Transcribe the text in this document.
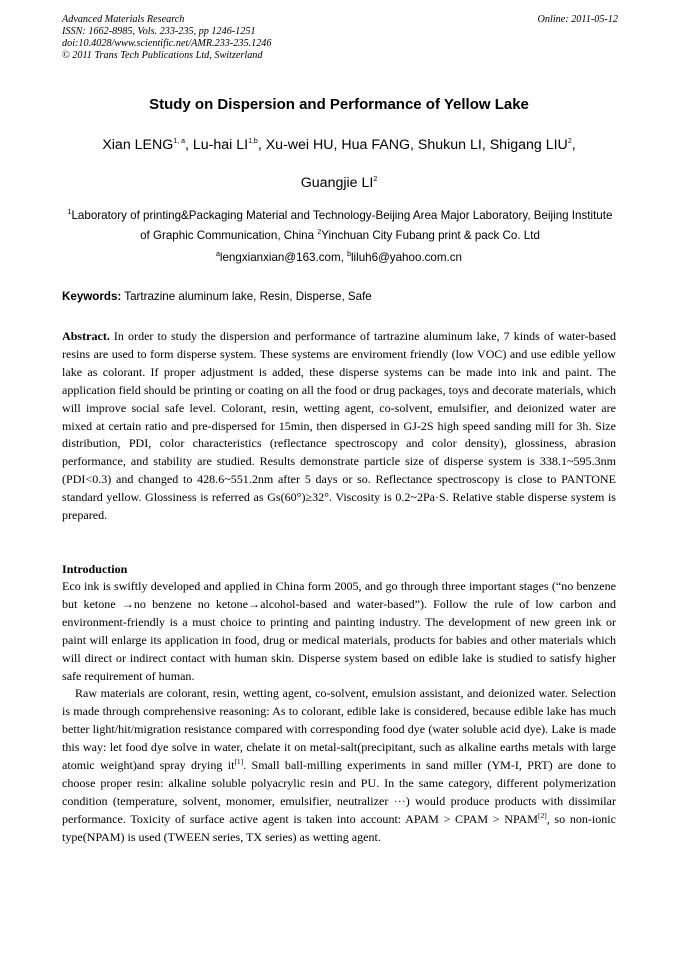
Advanced Materials Research
ISSN: 1662-8985, Vols. 233-235, pp 1246-1251
doi:10.4028/www.scientific.net/AMR.233-235.1246
© 2011 Trans Tech Publications Ltd, Switzerland
Online: 2011-05-12
Study on Dispersion and Performance of Yellow Lake
Xian LENG$^{1, a}$, Lu-hai LI$^{1,b}$, Xu-wei HU, Hua FANG, Shukun LI, Shigang LIU$^2$,
Guangjie $LI^2$
$^1$Laboratory of printing&Packaging Material and Technology-Beijing Area Major Laboratory, Beijing Institute of Graphic Communication, China $^2$Yinchuan City Fubang print & pack Co. Ltd
$^a$lengxianxian@163.com, $^b$liluh6@yahoo.com.cn
Keywords: Tartrazine aluminum lake, Resin, Disperse, Safe

Abstract. In order to study the dispersion and performance of tartrazine aluminum lake, 7 kinds of water-based resins are used to form disperse system. These systems are enviroment friendly (low VOC) and use edible yellow lake as colorant. If proper adjustment is added, these disperse systems can be made into ink and paint. The application field should be printing or coating on all the food or drug packages, toys and decorate materials, which will improve social safe level. Colorant, resin, wetting agent, co-solvent, emulsifier, and deionized water are mixed at certain ratio and pre-dispersed for 15min, then dispersed in GJ-2S high speed sanding mill for 3h. Size distribution, PDI, color characteristics (reflectance spectroscopy and color density), glossiness, abrasion performance, and stability are studied. Results demonstrate particle size of disperse system is 338.1~595.3nm (PDI<0.3) and changed to 428.6~551.2nm after 5 days or so. Reflectance spectroscopy is close to PANTONE standard yellow. Glossiness is referred as Gs(60°)≥32°. Viscosity is 0.2~2Pa·S. Relative stable disperse system is prepared.

Introduction

Eco ink is swiftly developed and applied in China form 2005, and go through three important stages (“no benzene but ketone →no benzene no ketone→alcohol-based and water-based”). Follow the rule of low carbon and environment-friendly is a must choice to printing and painting industry. The development of new green ink or paint will enlarge its application in food, drug or medical materials, products for babies and other materials which will direct or indirect contact with human skin. Disperse system based on edible lake is studied to satisfy higher safe requirement of human.

Raw materials are colorant, resin, wetting agent, co-solvent, emulsion assistant, and deionized water. Selection is made through comprehensive reasoning: As to colorant, edible lake is considered, because edible lake has much better light/hit/migration resistance compared with corresponding food dye (water soluble acid dye). Lake is made this way: let food dye solve in water, chelate it on metal-salt(precipitant, such as alkaline earths metals with large atomic weight)and spray drying it[1]. Small ball-milling experiments in sand miller (YM-I, PRT) are done to choose proper resin: alkaline soluble polyacrylic resin and PU. In the same category, different polymerization condition (temperature, solvent, monomer, emulsifier, neutralizer ···) would produce products with dissimilar performance. Toxicity of surface active agent is taken into account: APAM > CPAM > NPAM[2], so non-ionic type(NPAM) is used (TWEEN series, TX series) as wetting agent.
